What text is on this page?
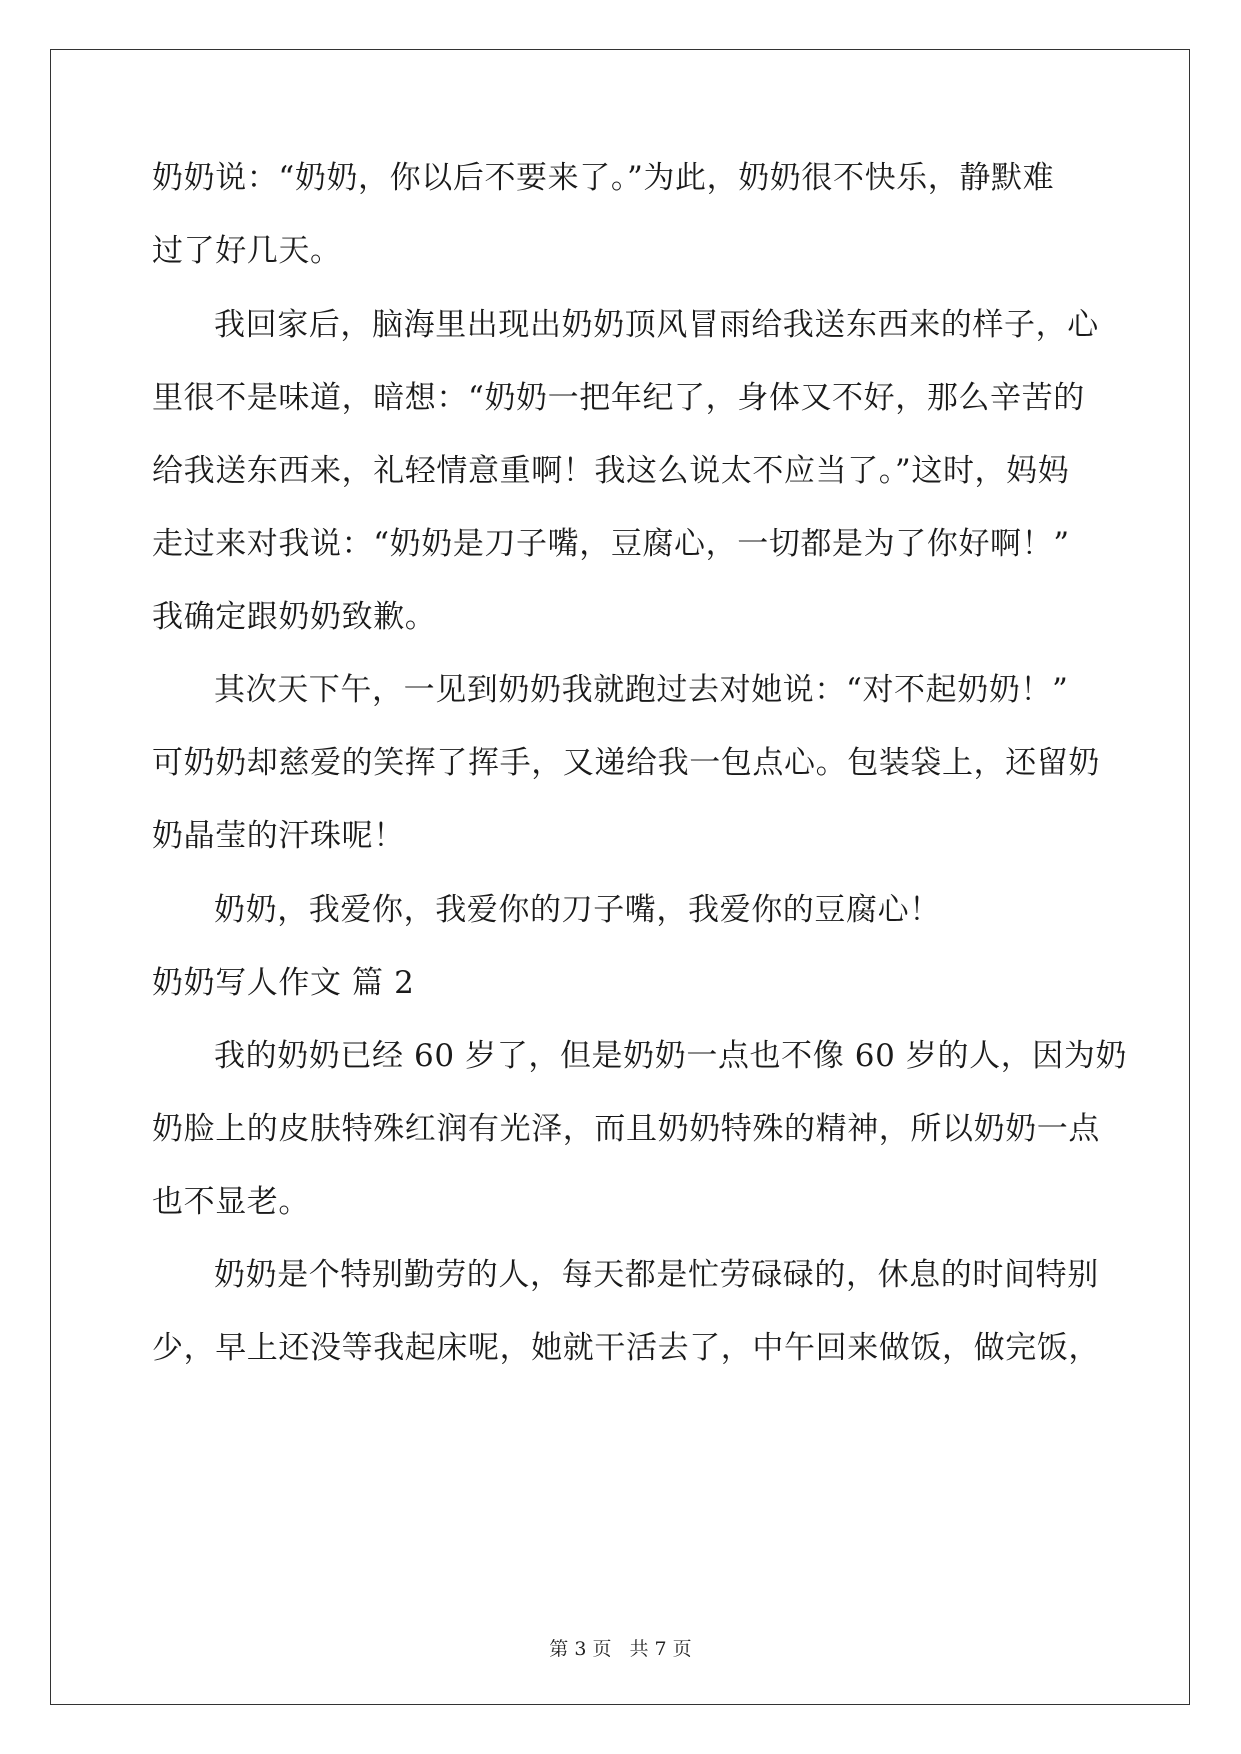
奶奶说：“奶奶，你以后不要来了。”为此，奶奶很不快乐，静默难

过了好几天。

我回家后，脑海里出现出奶奶顶风冒雨给我送东西来的样子，心

里很不是味道，暗想：“奶奶一把年纪了，身体又不好，那么辛苦的

给我送东西来，礼轻情意重啊！我这么说太不应当了。”这时，妈妈

走过来对我说：“奶奶是刀子嘴，豆腐心，一切都是为了你好啊！”

我确定跟奶奶致歉。

其次天下午，一见到奶奶我就跑过去对她说：“对不起奶奶！”

可奶奶却慈爱的笑挥了挥手，又递给我一包点心。包装袋上，还留奶

奶晶莹的汗珠呢！

奶奶，我爱你，我爱你的刀子嘴，我爱你的豆腐心！

奶奶写人作文 篇 2

我的奶奶已经 60 岁了，但是奶奶一点也不像 60 岁的人，因为奶

奶脸上的皮肤特殊红润有光泽，而且奶奶特殊的精神，所以奶奶一点

也不显老。

奶奶是个特别勤劳的人，每天都是忙劳碌碌的，休息的时间特别

少，早上还没等我起床呢，她就干活去了，中午回来做饭，做完饭，

第 3 页 共 7 页
